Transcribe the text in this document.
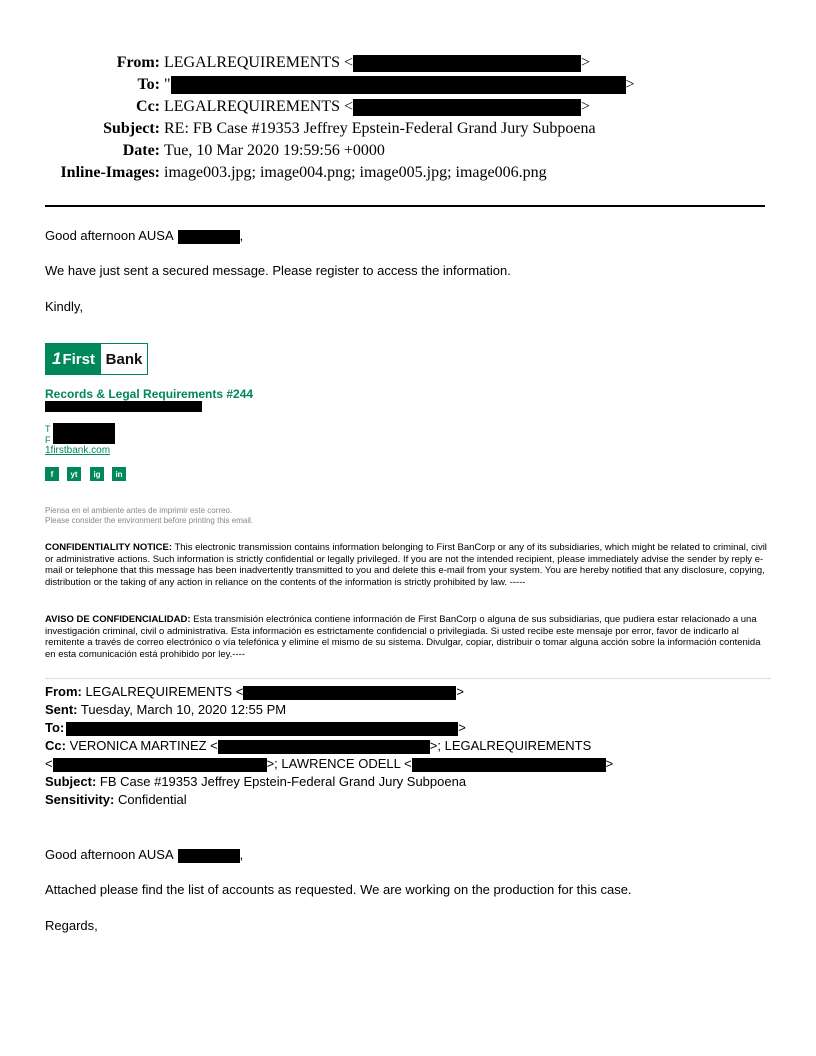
From: LEGALREQUIREMENTS <	>
To: "	>
Cc: LEGALREQUIREMENTS <	>
Subject: RE: FB Case #19353 Jeffrey Epstein-Federal Grand Jury Subpoena
Date: Tue, 10 Mar 2020 19:59:56 +0000
Inline-Images: image003.jpg; image004.png; image005.jpg; image006.png
Good afternoon AUSA	,
We have just sent a secured message. Please register to access the information.
Kindly,
1 First Bank
Records & Legal Requirements #244
T
F
1firstbank.com
f	yt	ig	in
Piensa en el ambiente antes de imprimir este correo.
Please consider the environment before printing this email.
CONFIDENTIALITY NOTICE: This electronic transmission contains information belonging to First BanCorp or any of its subsidiaries, which might be related to criminal, civil or administrative actions. Such information is strictly confidential or legally privileged. If you are not the intended recipient, please immediately advise the sender by reply e-mail or telephone that this message has been inadvertently transmitted to you and delete this e-mail from your system. You are hereby notified that any disclosure, copying, distribution or the taking of any action in reliance on the contents of the information is strictly prohibited by law. -----
AVISO DE CONFIDENCIALIDAD: Esta transmisión electrónica contiene información de First BanCorp o alguna de sus subsidiarias, que pudiera estar relacionado a una investigación criminal, civil o administrativa. Esta información es estrictamente confidencial o privilegiada. Si usted recibe este mensaje por error, favor de indicarlo al remitente a través de correo electrónico o vía telefónica y elimine el mismo de su sistema. Divulgar, copiar, distribuir o tomar alguna acción sobre la información contenida en esta comunicación está prohibido por ley.----
From: LEGALREQUIREMENTS <	>
Sent: Tuesday, March 10, 2020 12:55 PM
To:	>
Cc: VERONICA MARTINEZ <	>; LEGALREQUIREMENTS
<	>; LAWRENCE ODELL <	>
Subject: FB Case #19353 Jeffrey Epstein-Federal Grand Jury Subpoena
Sensitivity: Confidential
Good afternoon AUSA	,
Attached please find the list of accounts as requested. We are working on the production for this case.
Regards,
